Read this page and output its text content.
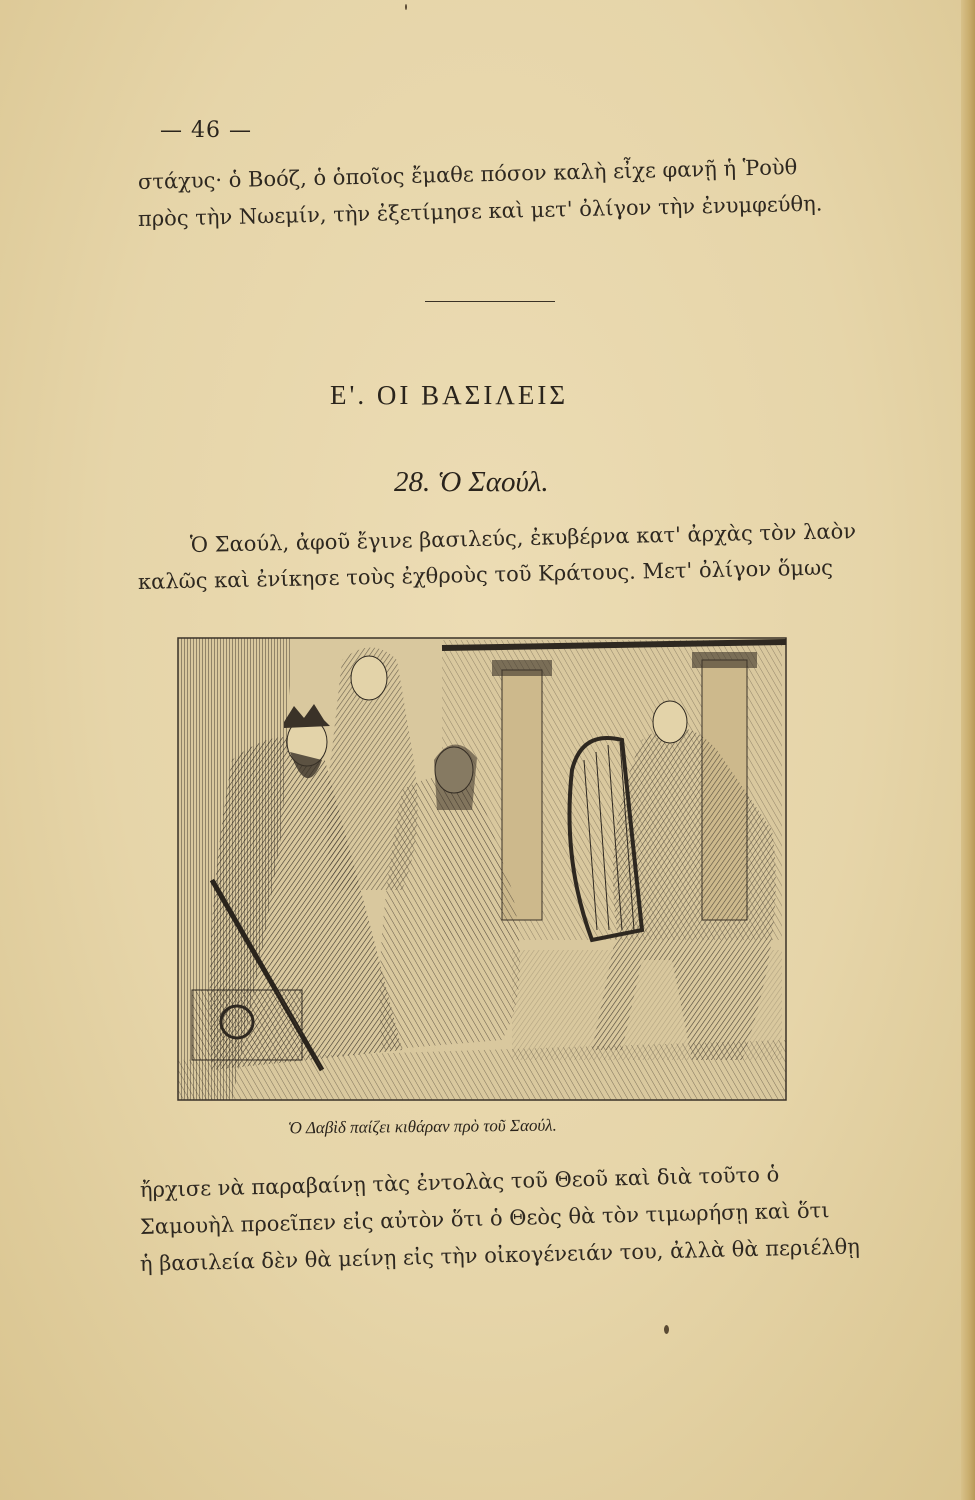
— 46 —
στάχυς· ὁ Βοόζ, ὁ ὁποῖος ἔμαθε πόσον καλὴ εἶχε φανῇ ἡ Ῥοὺθ
πρὸς τὴν Νωεμίν, τὴν ἐξετίμησε καὶ μετ' ὀλίγον τὴν ἐνυμφεύθη.
Ε'. ΟΙ ΒΑΣΙΛΕΙΣ
28. Ὁ Σαούλ.
Ὁ Σαούλ, ἀφοῦ ἔγινε βασιλεύς, ἐκυβέρνα κατ' ἀρχὰς τὸν λαὸν
καλῶς καὶ ἐνίκησε τοὺς ἐχθροὺς τοῦ Κράτους. Μετ' ὀλίγον ὅμως
Ὁ Δαβὶδ παίζει κιθάραν πρὸ τοῦ Σαούλ.
ἤρχισε νὰ παραβαίνῃ τὰς ἐντολὰς τοῦ Θεοῦ καὶ διὰ τοῦτο ὁ
Σαμουὴλ προεῖπεν εἰς αὐτὸν ὅτι ὁ Θεὸς θὰ τὸν τιμωρήσῃ καὶ ὅτι
ἡ βασιλεία δὲν θὰ μείνῃ εἰς τὴν οἰκογένειάν του, ἀλλὰ θὰ περιέλθῃ
